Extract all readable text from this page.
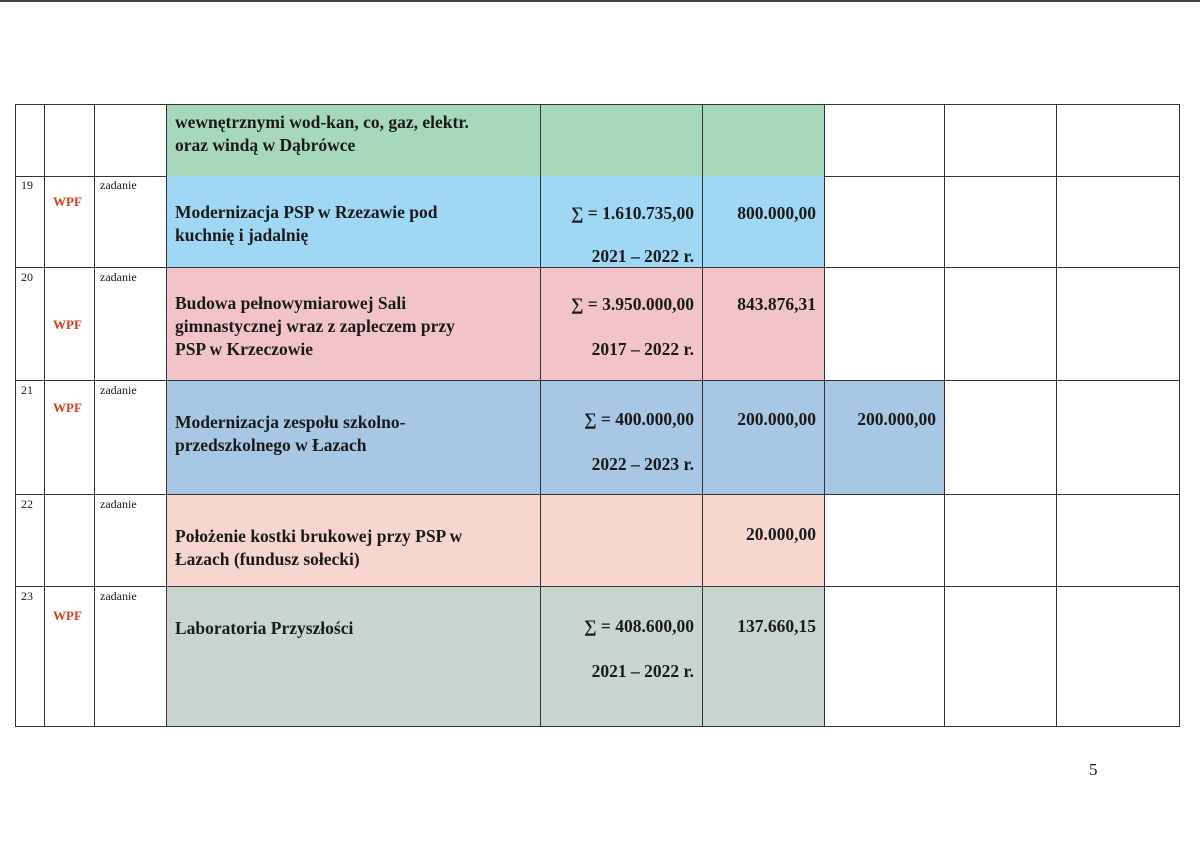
wewnętrznymi wod-kan, co, gaz, elektr.
oraz windą w Dąbrówce
19
WPF
zadanie
Modernizacja PSP w Rzezawie pod
kuchnię i jadalnię
∑ = 1.610.735,00
2021 – 2022 r.
800.000,00
20
WPF
zadanie
Budowa pełnowymiarowej Sali
gimnastycznej wraz z zapleczem przy
PSP w Krzeczowie
∑ = 3.950.000,00
2017 – 2022 r.
843.876,31
21
WPF
zadanie
Modernizacja zespołu szkolno-
przedszkolnego w Łazach
∑ = 400.000,00
2022 – 2023 r.
200.000,00 200.000,00
22	zadanie
Położenie kostki brukowej przy PSP w
Łazach (fundusz sołecki)
20.000,00
23
WPF
zadanie
Laboratoria Przyszłości	∑ = 408.600,00
2021 – 2022 r.
137.660,15
5
